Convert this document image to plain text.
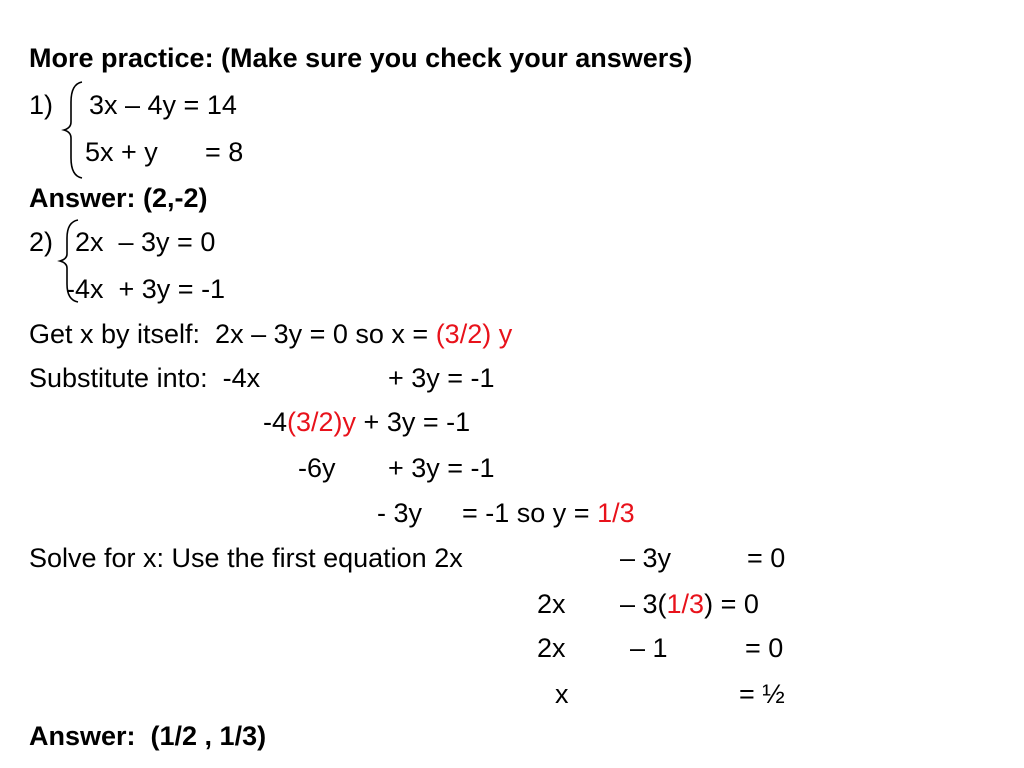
More practice: (Make sure you check your answers)
1) 3x – 4y = 14
5x + y = 8
Answer: (2,-2)
2) 2x  – 3y = 0
-4x  + 3y = -1
Get x by itself:  2x – 3y = 0 so x = (3/2) y
Substitute into:  -4x	+ 3y = -1
-4(3/2)y + 3y = -1
-6y + 3y = -1
- 3y = -1 so y = 1/3
Solve for x: Use the first equation 2x	– 3y	= 0
2x – 3(1/3) = 0
2x – 1	= 0
x	= ½
Answer:  (1/2 , 1/3)
